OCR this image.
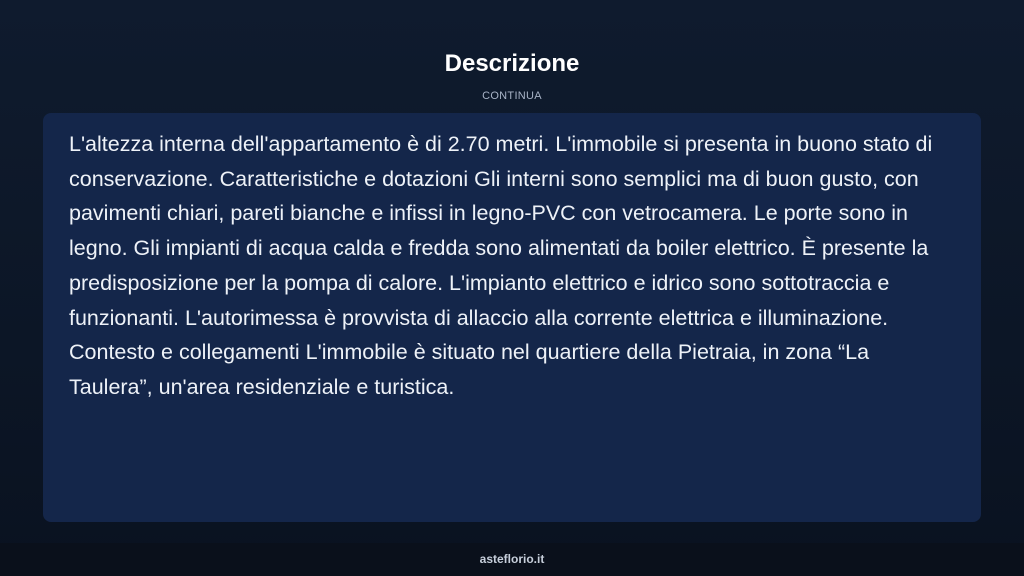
Descrizione
CONTINUA

L'altezza interna dell'appartamento è di 2.70 metri. L'immobile si presenta in buono stato di conservazione. Caratteristiche e dotazioni Gli interni sono semplici ma di buon gusto, con pavimenti chiari, pareti bianche e infissi in legno-PVC con vetrocamera. Le porte sono in legno. Gli impianti di acqua calda e fredda sono alimentati da boiler elettrico. È presente la predisposizione per la pompa di calore. L'impianto elettrico e idrico sono sottotraccia e funzionanti. L'autorimessa è provvista di allaccio alla corrente elettrica e illuminazione. Contesto e collegamenti L'immobile è situato nel quartiere della Pietraia, in zona “La Taulera”, un'area residenziale e turistica.

asteflorio.it
